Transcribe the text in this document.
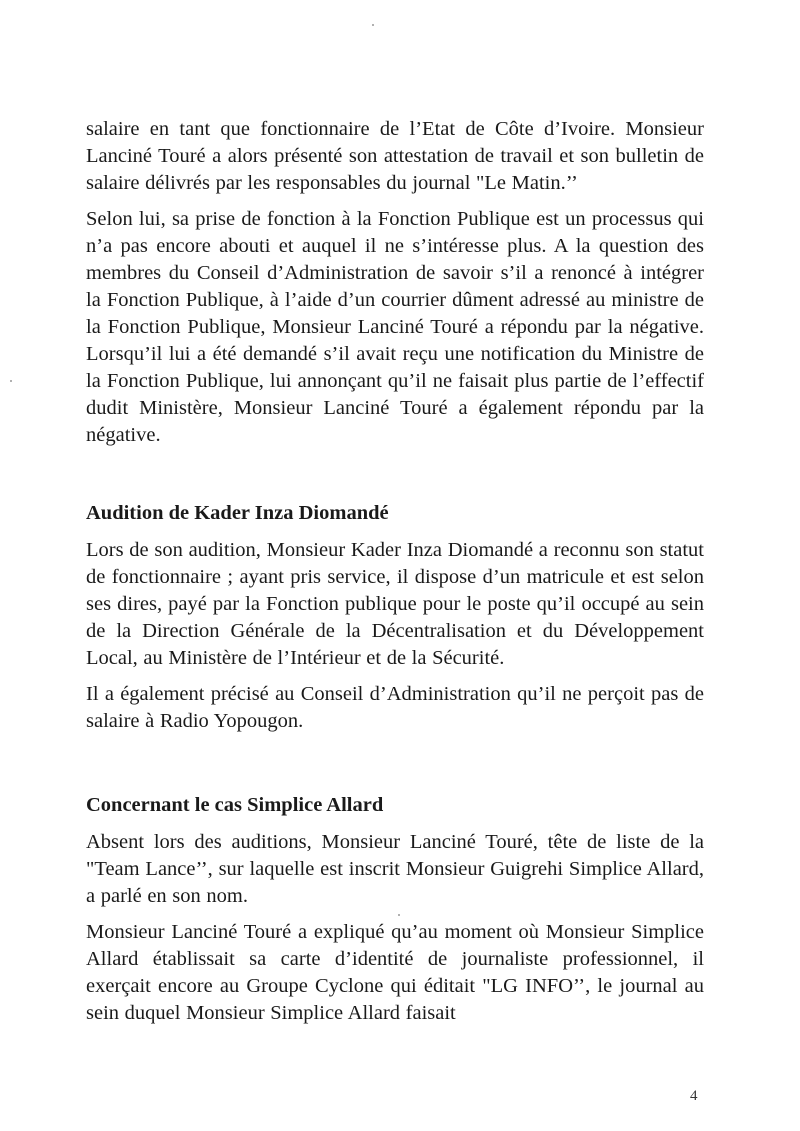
salaire en tant que fonctionnaire de l’Etat de Côte d’Ivoire. Monsieur Lanciné Touré a alors présenté son attestation de travail et son bulletin de salaire délivrés par les responsables du journal "Le Matin.’’

Selon lui, sa prise de fonction à la Fonction Publique est un processus qui n’a pas encore abouti et auquel il ne s’intéresse plus. A la question des membres du Conseil d’Administration de savoir s’il a renoncé à intégrer la Fonction Publique, à l’aide d’un courrier dûment adressé au ministre de la Fonction Publique, Monsieur Lanciné Touré a répondu par la négative. Lorsqu’il lui a été demandé s’il avait reçu une notification du Ministre de la Fonction Publique, lui annonçant qu’il ne faisait plus partie de l’effectif dudit Ministère, Monsieur Lanciné Touré a également répondu par la négative.

Audition de Kader Inza Diomandé

Lors de son audition, Monsieur Kader Inza Diomandé a reconnu son statut de fonctionnaire ; ayant pris service, il dispose d’un matricule et est selon ses dires, payé par la Fonction publique pour le poste qu’il occupé au sein de la Direction Générale de la Décentralisation et du Développement Local, au Ministère de l’Intérieur et de la Sécurité.

Il a également précisé au Conseil d’Administration qu’il ne perçoit pas de salaire à Radio Yopougon.

Concernant le cas Simplice Allard

Absent lors des auditions, Monsieur Lanciné Touré, tête de liste de la "Team Lance’’, sur laquelle est inscrit Monsieur Guigrehi Simplice Allard, a parlé en son nom.

Monsieur Lanciné Touré a expliqué qu’au moment où Monsieur Simplice Allard établissait sa carte d’identité de journaliste professionnel, il exerçait encore au Groupe Cyclone qui éditait "LG INFO’’, le journal au sein duquel Monsieur Simplice Allard faisait

4
